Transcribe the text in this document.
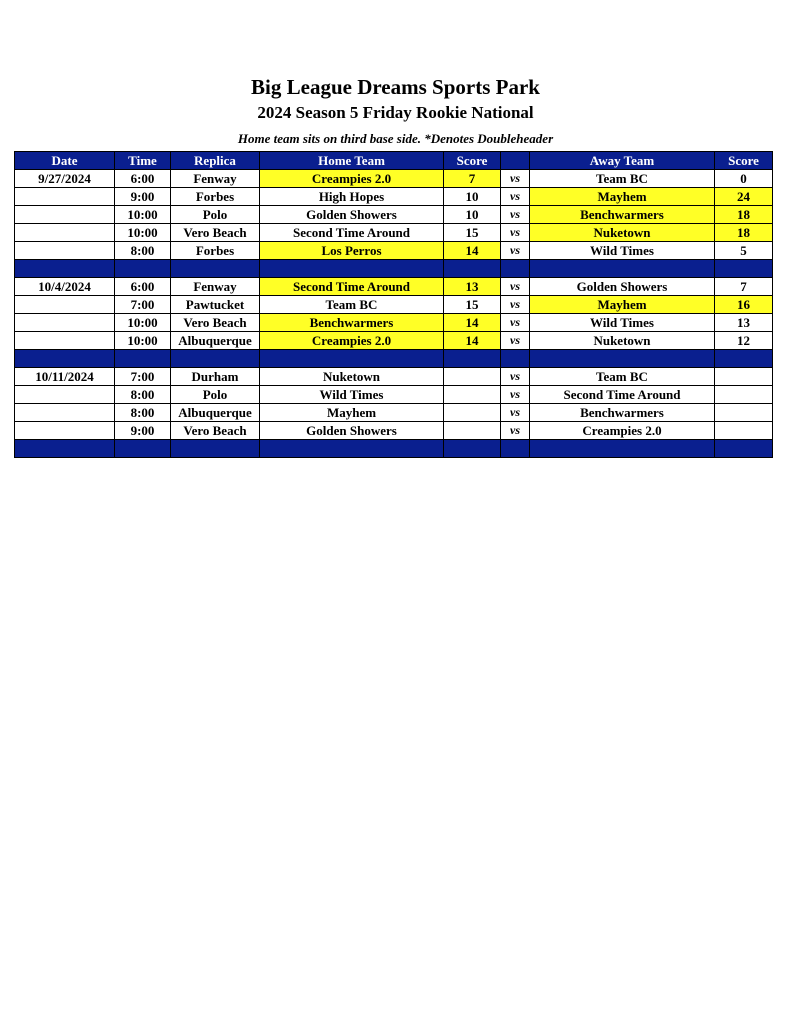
Big League Dreams Sports Park
2024 Season 5 Friday Rookie National
Home team sits on third base side. *Denotes Doubleheader
Date	Time	Replica	Home Team	Score		Away Team	Score
9/27/2024	6:00	Fenway	Creampies 2.0	7	vs	Team BC	0
	9:00	Forbes	High Hopes	10	vs	Mayhem	24
	10:00	Polo	Golden Showers	10	vs	Benchwarmers	18
	10:00	Vero Beach	Second Time Around	15	vs	Nuketown	18
	8:00	Forbes	Los Perros	14	vs	Wild Times	5

10/4/2024	6:00	Fenway	Second Time Around	13	vs	Golden Showers	7
	7:00	Pawtucket	Team BC	15	vs	Mayhem	16
	10:00	Vero Beach	Benchwarmers	14	vs	Wild Times	13
	10:00	Albuquerque	Creampies 2.0	14	vs	Nuketown	12

10/11/2024	7:00	Durham	Nuketown		vs	Team BC	
	8:00	Polo	Wild Times		vs	Second Time Around	
	8:00	Albuquerque	Mayhem		vs	Benchwarmers	
	9:00	Vero Beach	Golden Showers		vs	Creampies 2.0	
